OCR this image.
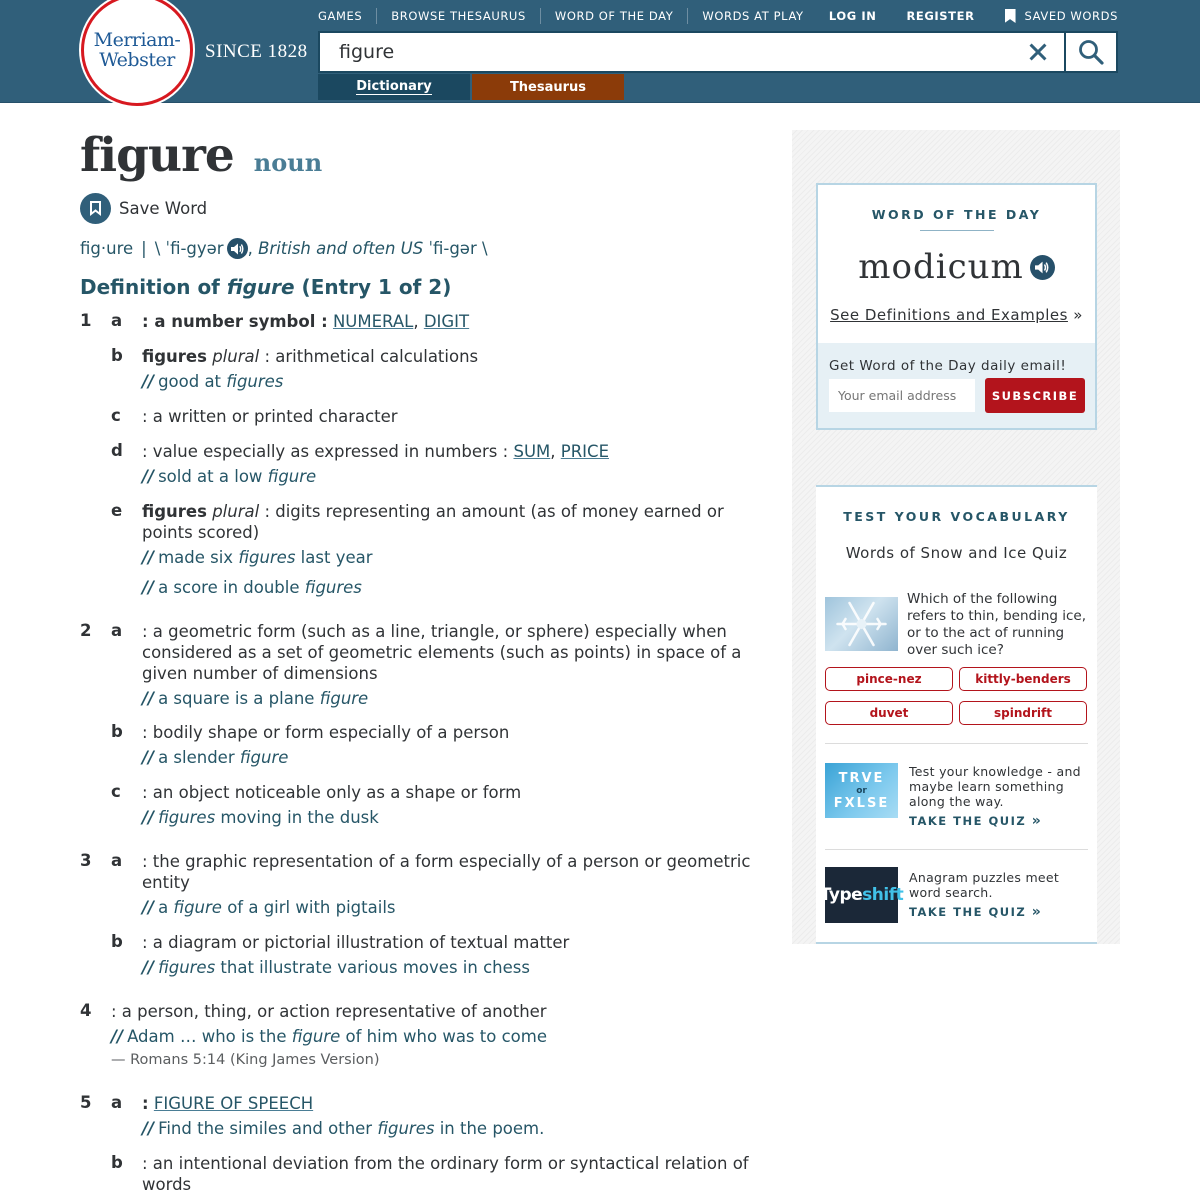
Merriam-
Webster SINCE 1828
GAMES	BROWSE THESAURUS	WORD OF THE DAY	WORDS AT PLAY	LOG IN	REGISTER	SAVED WORDS
figure
Dictionary	Thesaurus
figure noun
Save Word
fig·ure | \
ˈfi-gyər ,
British and often US
ˈfi-gər
\
Definition of figure (Entry 1 of 2)
1	a : a number symbol : NUMERAL, DIGIT
b figures plural : arithmetical calculations
// good at figures
c : a written or printed character
d : value especially as expressed in numbers : SUM, PRICE
// sold at a low figure
e figures plural : digits representing an amount (as of money earned or points scored)
// made six figures last year
// a score in double figures
2	a : a geometric form (such as a line, triangle, or sphere) especially when considered as a set of geometric elements (such as points) in space of a given number of dimensions
// a square is a plane figure
b : bodily shape or form especially of a person
// a slender figure
c : an object noticeable only as a shape or form
// figures moving in the dusk
3	a : the graphic representation of a form especially of a person or geometric entity
// a figure of a girl with pigtails
b : a diagram or pictorial illustration of textual matter
// figures that illustrate various moves in chess
4	: a person, thing, or action representative of another
// Adam … who is the figure of him who was to come
— Romans 5:14 (King James Version)
5	a : FIGURE OF SPEECH
// Find the similes and other figures in the poem.
b : an intentional deviation from the ordinary form or syntactical relation of words
WORD OF THE DAY
modicum
See Definitions and Examples »
Get Word of the Day daily email!
Your email address
SUBSCRIBE
TEST YOUR VOCABULARY
Words of Snow and Ice Quiz
Which of the following refers to thin, bending ice, or to the act of running over such ice?
pince-nez	kittly-benders
duvet	spindrift
TRVE
or
FXLSE
Test your knowledge - and maybe learn something along the way.
TAKE THE QUIZ »
Type shift
Anagram puzzles meet word search.
TAKE THE QUIZ »
